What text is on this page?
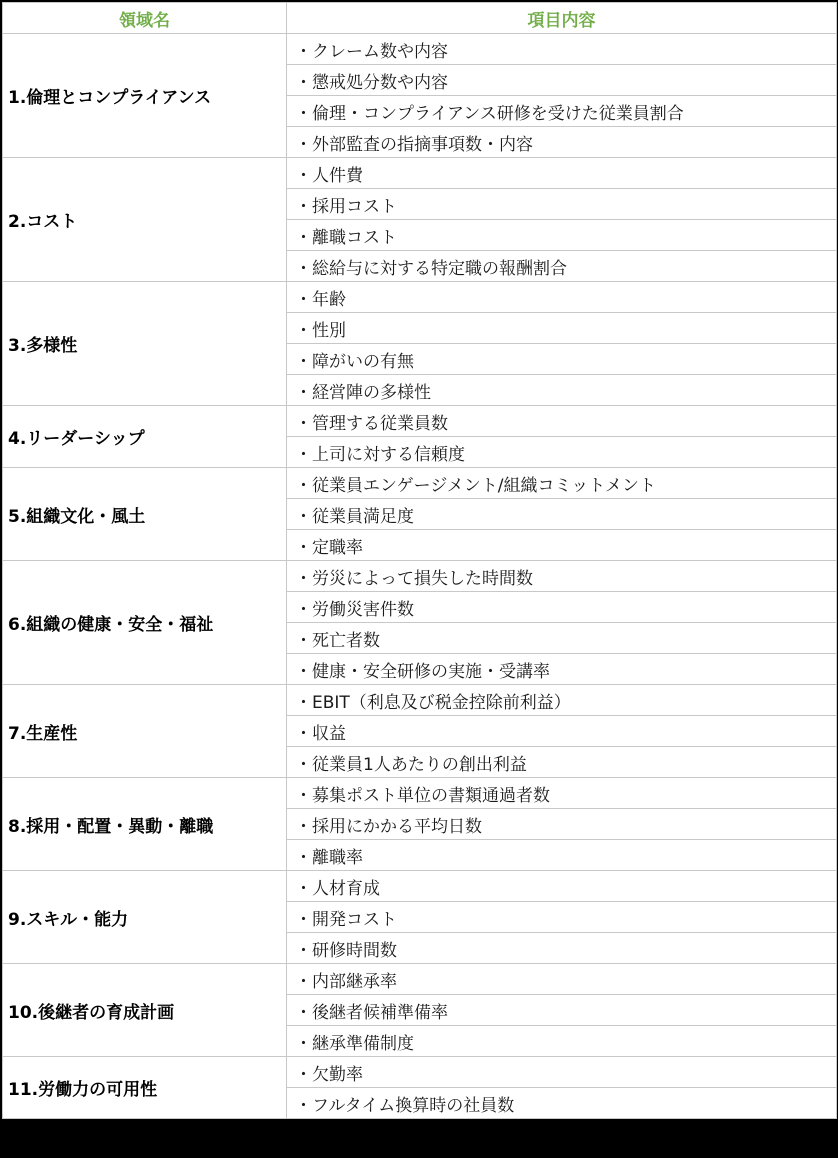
領域名	項目内容
1.倫理とコンプライアンス	・クレーム数や内容
	・懲戒処分数や内容
	・倫理・コンプライアンス研修を受けた従業員割合
	・外部監査の指摘事項数・内容
2.コスト	・人件費
	・採用コスト
	・離職コスト
	・総給与に対する特定職の報酬割合
3.多様性	・年齢
	・性別
	・障がいの有無
	・経営陣の多様性
4.リーダーシップ	・管理する従業員数
	・上司に対する信頼度
5.組織文化・風土	・従業員エンゲージメント/組織コミットメント
	・従業員満足度
	・定職率
6.組織の健康・安全・福祉	・労災によって損失した時間数
	・労働災害件数
	・死亡者数
	・健康・安全研修の実施・受講率
7.生産性	・EBIT（利息及び税金控除前利益）
	・収益
	・従業員1人あたりの創出利益
8.採用・配置・異動・離職	・募集ポスト単位の書類通過者数
	・採用にかかる平均日数
	・離職率
9.スキル・能力	・人材育成
	・開発コスト
	・研修時間数
10.後継者の育成計画	・内部継承率
	・後継者候補準備率
	・継承準備制度
11.労働力の可用性	・欠勤率
	・フルタイム換算時の社員数
